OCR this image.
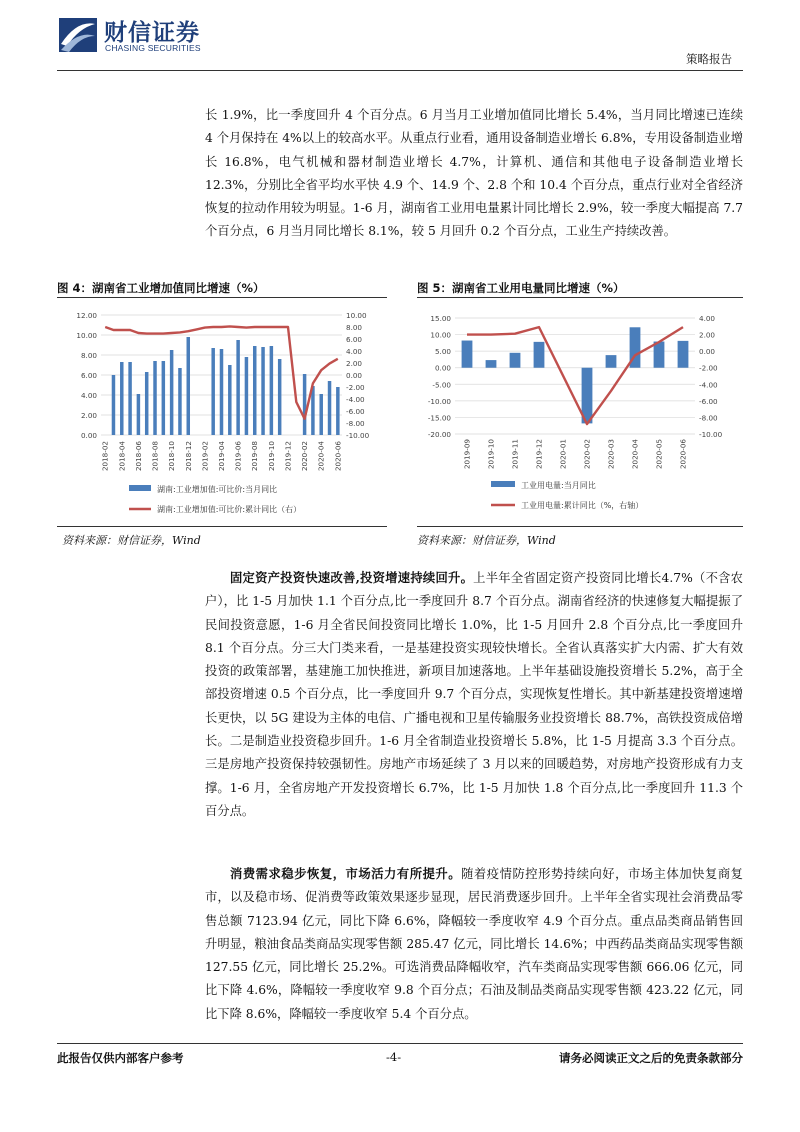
财信证券
CHASING SECURITIES
策略报告

长 1.9%，比一季度回升 4 个百分点。6 月当月工业增加值同比增长 5.4%，当月同比增速已连续 4 个月保持在 4%以上的较高水平。从重点行业看，通用设备制造业增长 6.8%，专用设备制造业增长 16.8%，电气机械和器材制造业增长 4.7%，计算机、通信和其他电子设备制造业增长 12.3%，分别比全省平均水平快 4.9 个、14.9 个、2.8 个和 10.4 个百分点，重点行业对全省经济恢复的拉动作用较为明显。1-6 月，湖南省工业用电量累计同比增长 2.9%，较一季度大幅提高 7.7 个百分点，6 月当月同比增长 8.1%，较 5 月回升 0.2 个百分点，工业生产持续改善。

图 4：湖南省工业增加值同比增速（%）	图 5：湖南省工业用电量同比增速（%）
12.00
10.00
8.00
6.00
4.00
2.00
0.00
10.00
8.00
6.00
4.00
2.00
0.00
-2.00
-4.00
-6.00
-8.00
-10.00
2018-02 2018-04 2018-06 2018-08 2018-10 2018-12 2019-02 2019-04 2019-06 2019-08 2019-10 2019-12 2020-02 2020-04 2020-06
湖南:工业增加值:可比价:当月同比
湖南:工业增加值:可比价:累计同比（右）
15.00
10.00
5.00
0.00
-5.00
-10.00
-15.00
-20.00
4.00
2.00
0.00
-2.00
-4.00
-6.00
-8.00
-10.00
2019-09 2019-10 2019-11 2019-12 2020-01 2020-02 2020-03 2020-04 2020-05 2020-06
工业用电量:当月同比
工业用电量:累计同比（%，右轴）
资料来源：财信证券，Wind	资料来源：财信证券，Wind

固定资产投资快速改善,投资增速持续回升。上半年全省固定资产投资同比增长4.7%（不含农户），比 1-5 月加快 1.1 个百分点,比一季度回升 8.7 个百分点。湖南省经济的快速修复大幅提振了民间投资意愿，1-6 月全省民间投资同比增长 1.0%，比 1-5 月回升 2.8 个百分点,比一季度回升 8.1 个百分点。分三大门类来看，一是基建投资实现较快增长。全省认真落实扩大内需、扩大有效投资的政策部署，基建施工加快推进，新项目加速落地。上半年基础设施投资增长 5.2%，高于全部投资增速 0.5 个百分点，比一季度回升 9.7 个百分点，实现恢复性增长。其中新基建投资增速增长更快，以 5G 建设为主体的电信、广播电视和卫星传输服务业投资增长 88.7%，高铁投资成倍增长。二是制造业投资稳步回升。1-6 月全省制造业投资增长 5.8%，比 1-5 月提高 3.3 个百分点。三是房地产投资保持较强韧性。房地产市场延续了 3 月以来的回暖趋势，对房地产投资形成有力支撑。1-6 月，全省房地产开发投资增长 6.7%，比 1-5 月加快 1.8 个百分点,比一季度回升 11.3 个百分点。

消费需求稳步恢复，市场活力有所提升。随着疫情防控形势持续向好，市场主体加快复商复市，以及稳市场、促消费等政策效果逐步显现，居民消费逐步回升。上半年全省实现社会消费品零售总额 7123.94 亿元，同比下降 6.6%，降幅较一季度收窄 4.9 个百分点。重点品类商品销售回升明显，粮油食品类商品实现零售额 285.47 亿元，同比增长 14.6%；中西药品类商品实现零售额 127.55 亿元，同比增长 25.2%。可选消费品降幅收窄，汽车类商品实现零售额 666.06 亿元，同比下降 4.6%，降幅较一季度收窄 9.8 个百分点；石油及制品类商品实现零售额 423.22 亿元，同比下降 8.6%，降幅较一季度收窄 5.4 个百分点。

此报告仅供内部客户参考	-4-	请务必阅读正文之后的免责条款部分
